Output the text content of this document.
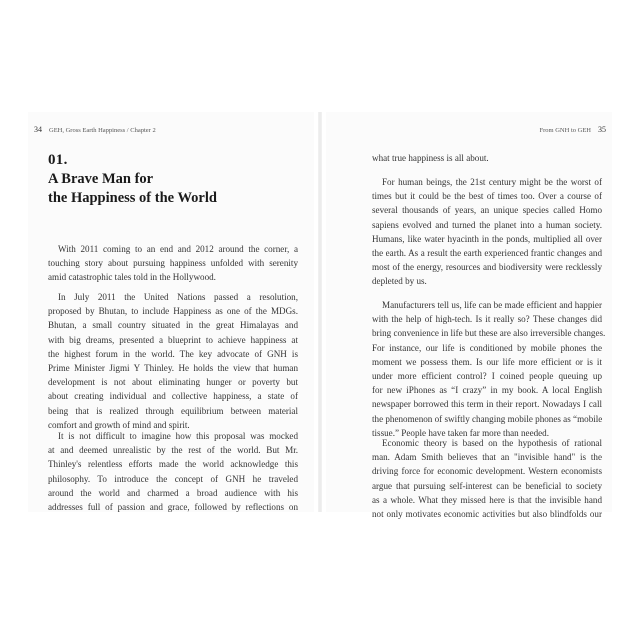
34 GEH, Gross Earth Happiness / Chapter 2	From GNH to GEH 35
01.
A Brave Man for
the Happiness of the World
With 2011 coming to an end and 2012 around the corner, a
touching story about pursuing happiness unfolded with serenity
amid catastrophic tales told in the Hollywood.
In July 2011 the United Nations passed a resolution,
proposed by Bhutan, to include Happiness as one of the MDGs.
Bhutan, a small country situated in the great Himalayas and
with big dreams, presented a blueprint to achieve happiness at
the highest forum in the world. The key advocate of GNH is
Prime Minister Jigmi Y Thinley. He holds the view that human
development is not about eliminating hunger or poverty but
about creating individual and collective happiness, a state of
being that is realized through equilibrium between material
comfort and growth of mind and spirit.
It is not difficult to imagine how this proposal was mocked
at and deemed unrealistic by the rest of the world. But Mr.
Thinley's relentless efforts made the world acknowledge this
philosophy. To introduce the concept of GNH he traveled
around the world and charmed a broad audience with his
addresses full of passion and grace, followed by reflections on
what true happiness is all about.
For human beings, the 21st century might be the worst of
times but it could be the best of times too. Over a course of
several thousands of years, an unique species called Homo
sapiens evolved and turned the planet into a human society.
Humans, like water hyacinth in the ponds, multiplied all over
the earth. As a result the earth experienced frantic changes and
most of the energy, resources and biodiversity were recklessly
depleted by us.
Manufacturers tell us, life can be made efficient and happier
with the help of high-tech. Is it really so? These changes did
bring convenience in life but these are also irreversible changes.
For instance, our life is conditioned by mobile phones the
moment we possess them. Is our life more efficient or is it
under more efficient control? I coined people queuing up
for new iPhones as “I crazy” in my book. A local English
newspaper borrowed this term in their report. Nowadays I call
the phenomenon of swiftly changing mobile phones as “mobile
tissue.” People have taken far more than needed.
Economic theory is based on the hypothesis of rational
man. Adam Smith believes that an "invisible hand" is the
driving force for economic development. Western economists
argue that pursuing self-interest can be beneficial to society
as a whole. What they missed here is that the invisible hand
not only motivates economic activities but also blindfolds our
